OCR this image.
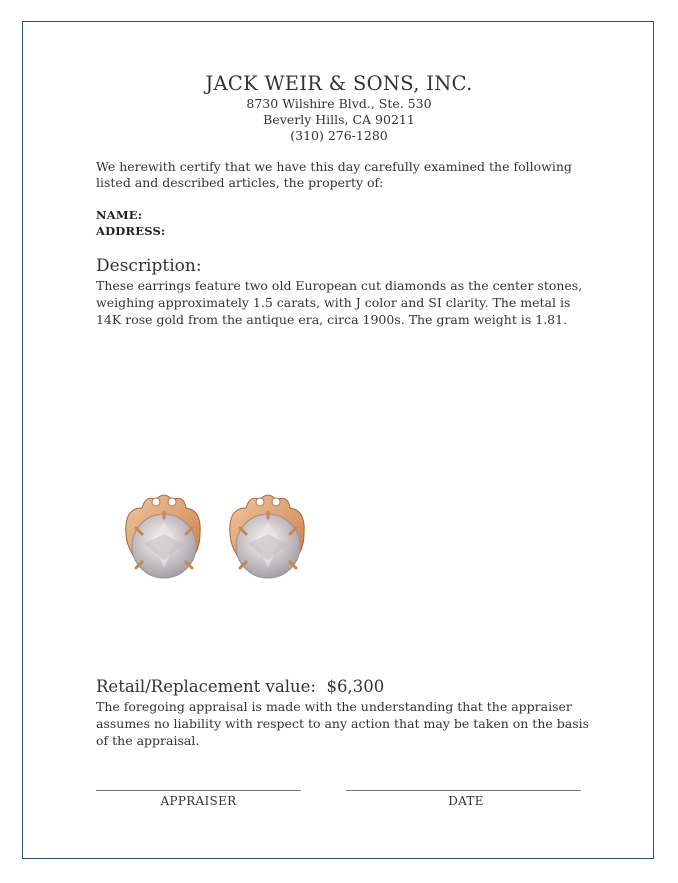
JACK WEIR & SONS, INC.
8730 Wilshire Blvd., Ste. 530
Beverly Hills, CA 90211
(310) 276-1280
We herewith certify that we have this day carefully examined the following listed and described articles, the property of:
NAME:
ADDRESS:
Description:
These earrings feature two old European cut diamonds as the center stones, weighing approximately 1.5 carats, with J color and SI clarity. The metal is 14K rose gold from the antique era, circa 1900s. The gram weight is 1.81.
Retail/Replacement value: $6,300
The foregoing appraisal is made with the understanding that the appraiser assumes no liability with respect to any action that may be taken on the basis of the appraisal.
APPRAISER	DATE
